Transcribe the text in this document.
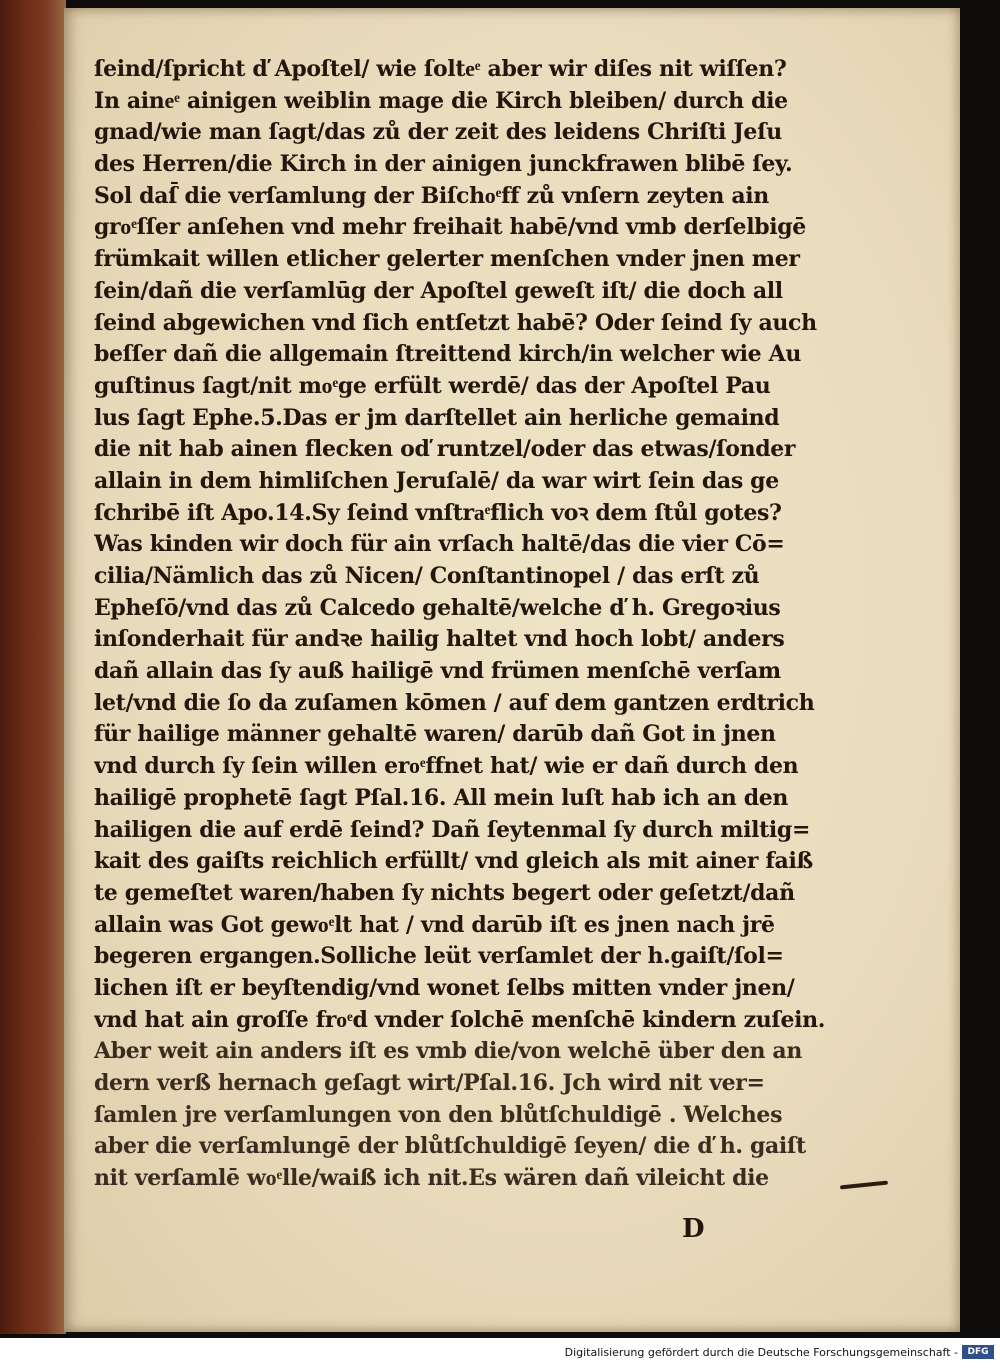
ſeind/ſpricht ď Apoſtel/ wie ſolteͤ aber wir diſes nit wiſſen?
In aineͤ ainigen weiblin mage die Kirch bleiben/ durch die
gnad/wie man ſagt/das zů der zeit des leidens Chriſti Jeſu
des Herren/die Kirch in der ainigen junckfrawen blibē ſey.
Sol daſ̄ die verſamlung der Biſchoͤff zů vnſern zeyten ain
groͤſſer anſehen vnd mehr freihait habē/vnd vmb derſelbigē
frümkait willen etlicher gelerter menſchen vnder jnen mer
ſein/dañ die verſamlūg der Apoſtel geweſt iſt/ die doch all
ſeind abgewichen vnd ſich entſetzt habē? Oder ſeind ſy auch
beſſer dañ die allgemain ſtreittend kirch/in welcher wie Au
guſtinus ſagt/nit moͤge erfült werdē/ das der Apoſtel Pau
lus ſagt Ephe.5.Das er jm darſtellet ain herliche gemaind
die nit hab ainen flecken oď runtzel/oder das etwas/ſonder
allain in dem himliſchen Jeruſalē/ da war wirt ſein das ge
ſchribē iſt Apo.14.Sy ſeind vnſtraͤflich voꝛ dem ſtůl gotes?
Was kinden wir doch für ain vrſach haltē/das die vier Cō=
cilia/Nämlich das zů Nicen/ Conſtantinopel / das erſt zů
Epheſō/vnd das zů Calcedo gehaltē/welche ď h. Gregoꝛius
inſonderhait für andꝛe hailig haltet vnd hoch lobt/ anders
dañ allain das ſy auß hailigē vnd frümen menſchē verſam
let/vnd die ſo da zuſamen kōmen / auf dem gantzen erdtrich
für hailige männer gehaltē waren/ darūb dañ Got in jnen
vnd durch ſy ſein willen eroͤffnet hat/ wie er dañ durch den
hailigē prophetē ſagt Pſal.16. All mein luſt hab ich an den
hailigen die auf erdē ſeind? Dañ ſeytenmal ſy durch miltig=
kait des gaiſts reichlich erfüllt/ vnd gleich als mit ainer faiß
te gemeſtet waren/haben ſy nichts begert oder geſetzt/dañ
allain was Got gewoͤlt hat / vnd darūb iſt es jnen nach jrē
begeren ergangen.Solliche leüt verſamlet der h.gaiſt/ſol=
lichen iſt er beyſtendig/vnd wonet ſelbs mitten vnder jnen/
vnd hat ain groſſe froͤd vnder ſolchē menſchē kindern zuſein.
Aber weit ain anders iſt es vmb die/von welchē über den an
dern verß hernach geſagt wirt/Pſal.16. Jch wird nit ver=
ſamlen jre verſamlungen von den blůtſchuldigē . Welches
aber die verſamlungē der blůtſchuldigē ſeyen/ die ď h. gaiſt
nit verſamlē woͤlle/waiß ich nit.Es wären dañ vileicht die
D
Digitalisierung gefördert durch die Deutsche Forschungsgemeinschaft -	DFG
